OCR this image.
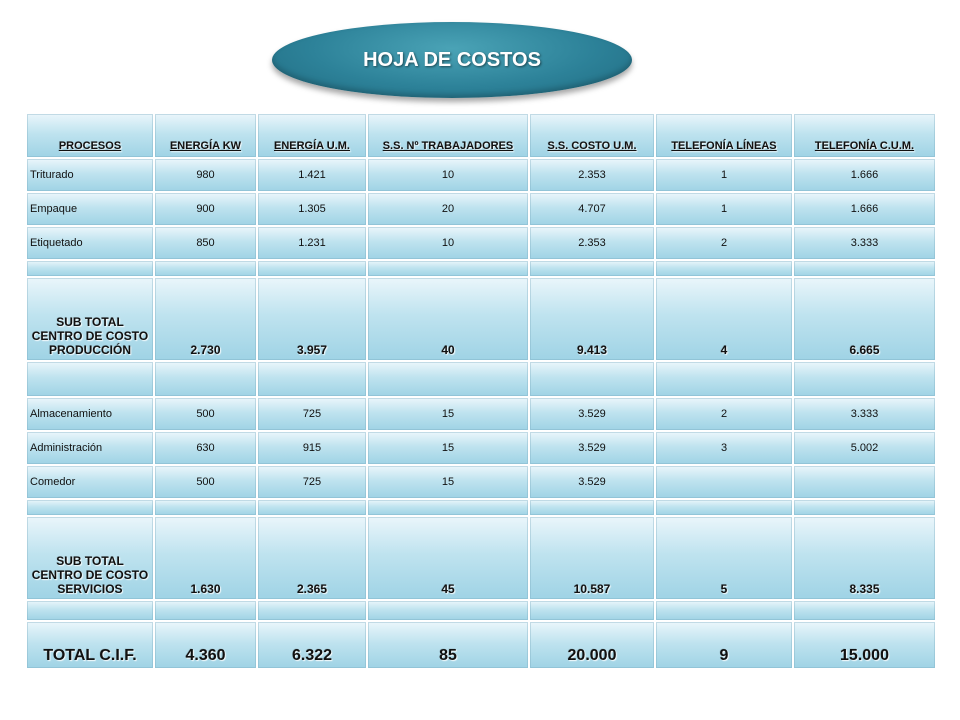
HOJA DE COSTOS
PROCESOS	ENERGÍA KW	ENERGÍA U.M.	S.S. Nº TRABAJADORES	S.S. COSTO U.M.	TELEFONÍA LÍNEAS	TELEFONÍA C.U.M.
Triturado	980	1.421	10	2.353	1	1.666
Empaque	900	1.305	20	4.707	1	1.666
Etiquetado	850	1.231	10	2.353	2	3.333

SUB TOTAL CENTRO DE COSTO PRODUCCIÓN	2.730	3.957	40	9.413	4	6.665

Almacenamiento	500	725	15	3.529	2	3.333
Administración	630	915	15	3.529	3	5.002
Comedor	500	725	15	3.529		

SUB TOTAL CENTRO DE COSTO SERVICIOS	1.630	2.365	45	10.587	5	8.335

TOTAL C.I.F.	4.360	6.322	85	20.000	9	15.000
